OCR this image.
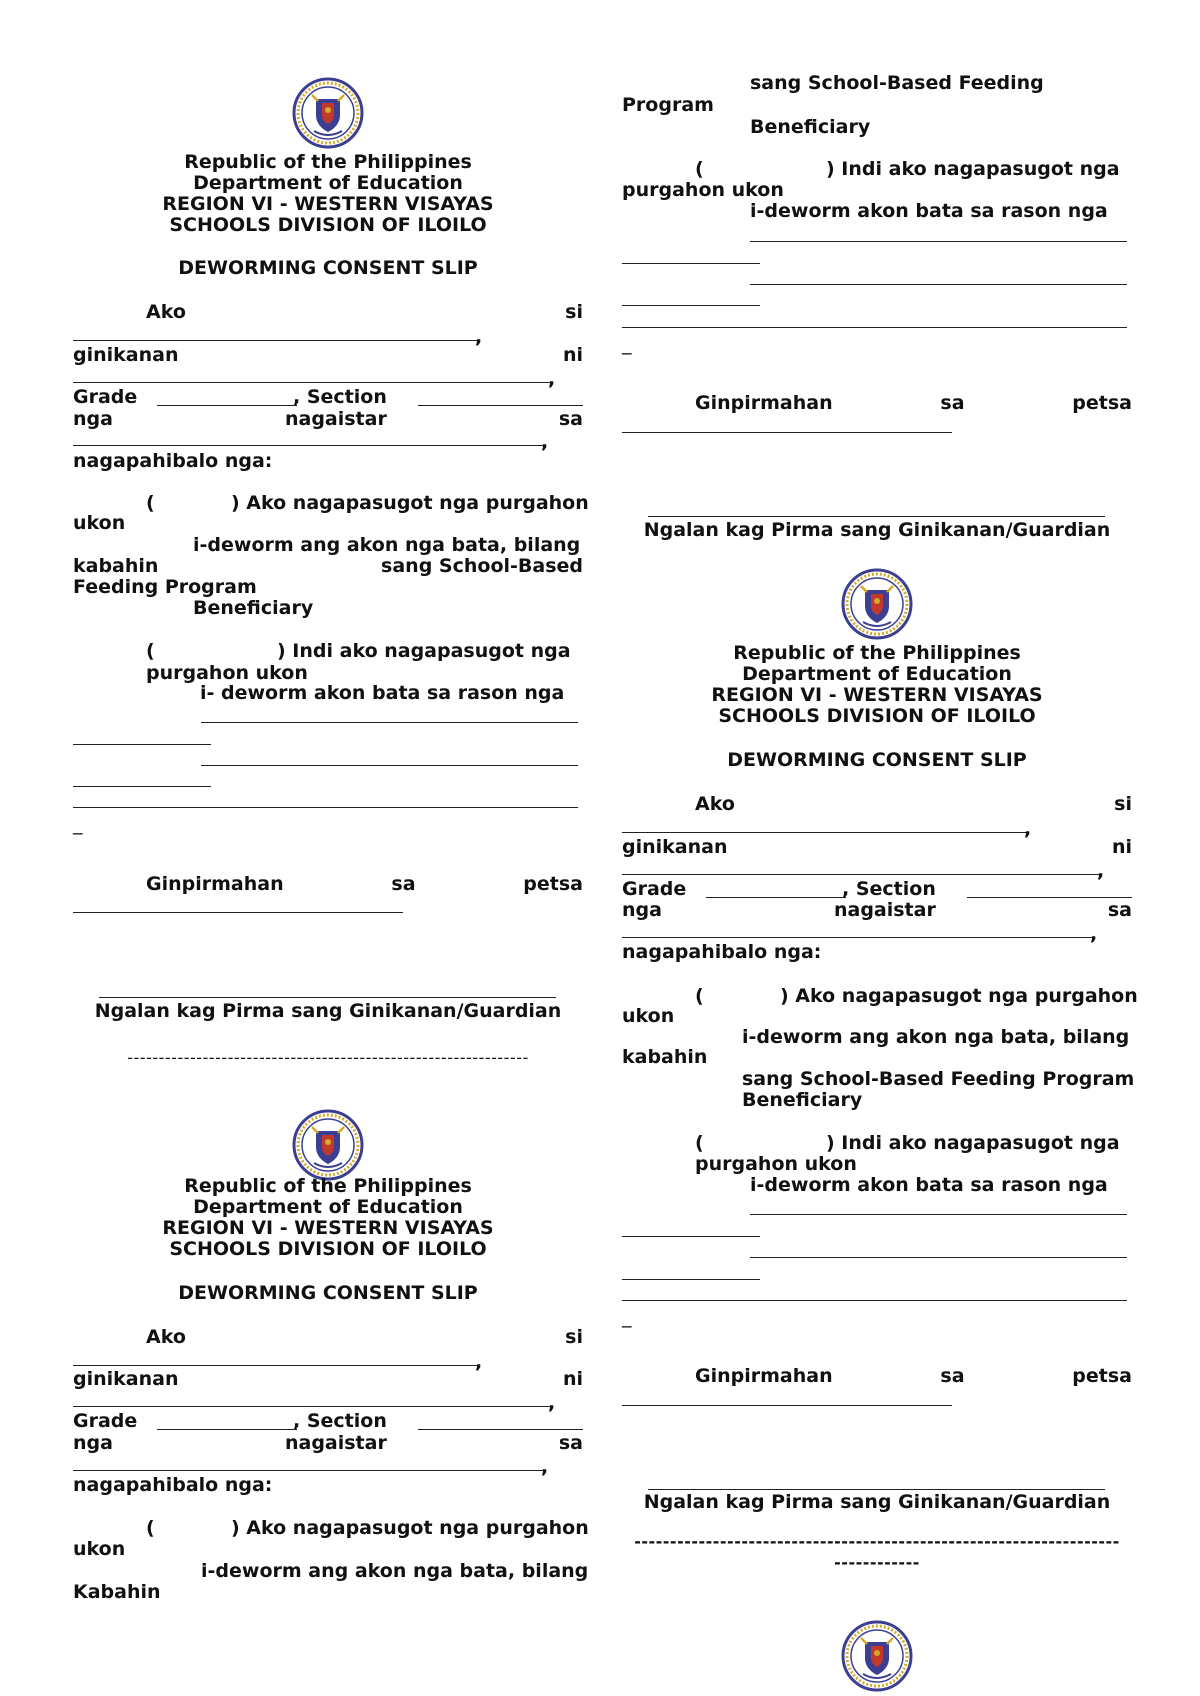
Republic of the Philippines
Department of Education
REGION VI - WESTERN VISAYAS
SCHOOLS DIVISION OF ILOILO
DEWORMING CONSENT SLIP
Ako	si
,
ginikanan	ni
,
Grade	, Section
nga	nagaistar	sa
,
nagapahibalo nga:
(	) Ako nagapasugot nga purgahon
ukon
i-deworm ang akon nga bata, bilang
kabahin	sang School-Based
Feeding Program
Beneficiary
(	) Indi ako nagapasugot nga
purgahon ukon
i- deworm akon bata sa rason nga
_
Ginpirmahan	sa	petsa
Ngalan kag Pirma sang Ginikanan/Guardian
----------------------------------------------------------------
Republic of the Philippines
Department of Education
REGION VI - WESTERN VISAYAS
SCHOOLS DIVISION OF ILOILO
DEWORMING CONSENT SLIP
Ako	si
,
ginikanan	ni
,
Grade	, Section
nga	nagaistar	sa
,
nagapahibalo nga:
(	) Ako nagapasugot nga purgahon
ukon
i-deworm ang akon nga bata, bilang
Kabahin
sang School-Based Feeding
Program
Beneficiary
(	) Indi ako nagapasugot nga
purgahon ukon
i-deworm akon bata sa rason nga
_
Ginpirmahan	sa	petsa
Ngalan kag Pirma sang Ginikanan/Guardian
Republic of the Philippines
Department of Education
REGION VI - WESTERN VISAYAS
SCHOOLS DIVISION OF ILOILO
DEWORMING CONSENT SLIP
Ako	si
,
ginikanan	ni
,
Grade	, Section
nga	nagaistar	sa
,
nagapahibalo nga:
(	) Ako nagapasugot nga purgahon
ukon
i-deworm ang akon nga bata, bilang
kabahin
sang School-Based Feeding Program
Beneficiary
(	) Indi ako nagapasugot nga
purgahon ukon
i-deworm akon bata sa rason nga
_
Ginpirmahan	sa	petsa
Ngalan kag Pirma sang Ginikanan/Guardian
--------------------------------------------------------------------
------------
